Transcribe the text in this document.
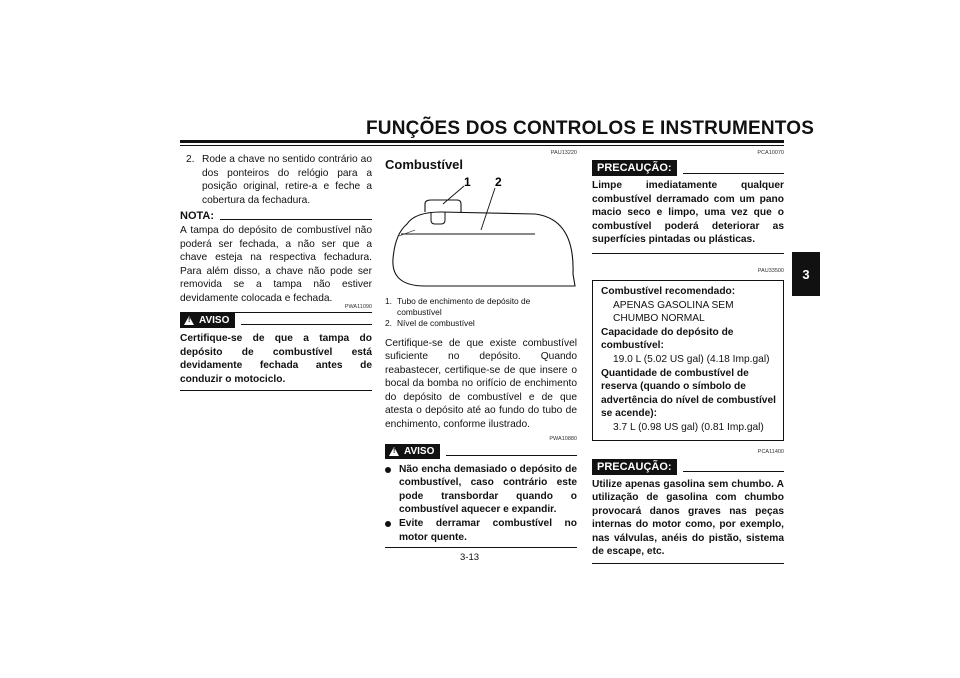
FUNÇÕES DOS CONTROLOS E INSTRUMENTOS
3
2. Rode a chave no sentido contrário ao dos ponteiros do relógio para a posição original, retire-a e feche a cobertura da fechadura.
NOTA:
A tampa do depósito de combustível não poderá ser fechada, a não ser que a chave esteja na respectiva fechadura. Para além disso, a chave não pode ser removida se a tampa não estiver devidamente colocada e fechada.
PWA11090
! AVISO
Certifique-se de que a tampa do depósito de combustível está devidamente fechada antes de conduzir o motociclo.
PAU13220
Combustível
1 2
1. Tubo de enchimento de depósito de combustível
2. Nível de combustível
Certifique-se de que existe combustível suficiente no depósito. Quando reabastecer, certifique-se de que insere o bocal da bomba no orifício de enchimento do depósito de combustível e de que atesta o depósito até ao fundo do tubo de enchimento, conforme ilustrado.
PWA10880
! AVISO
Não encha demasiado o depósito de combustível, caso contrário este pode transbordar quando o combustível aquecer e expandir.
Evite derramar combustível no motor quente.
PCA10070
PRECAUÇÃO:
Limpe imediatamente qualquer combustível derramado com um pano macio seco e limpo, uma vez que o combustível poderá deteriorar as superfícies pintadas ou plásticas.
PAU33500
Combustível recomendado:
APENAS GASOLINA SEM CHUMBO NORMAL
Capacidade do depósito de combustível:
19.0 L (5.02 US gal) (4.18 Imp.gal)
Quantidade de combustível de reserva (quando o símbolo de advertência do nível de combustível se acende):
3.7 L (0.98 US gal) (0.81 Imp.gal)
PCA11400
PRECAUÇÃO:
Utilize apenas gasolina sem chumbo. A utilização de gasolina com chumbo provocará danos graves nas peças internas do motor como, por exemplo, nas válvulas, anéis do pistão, sistema de escape, etc.
3-13
